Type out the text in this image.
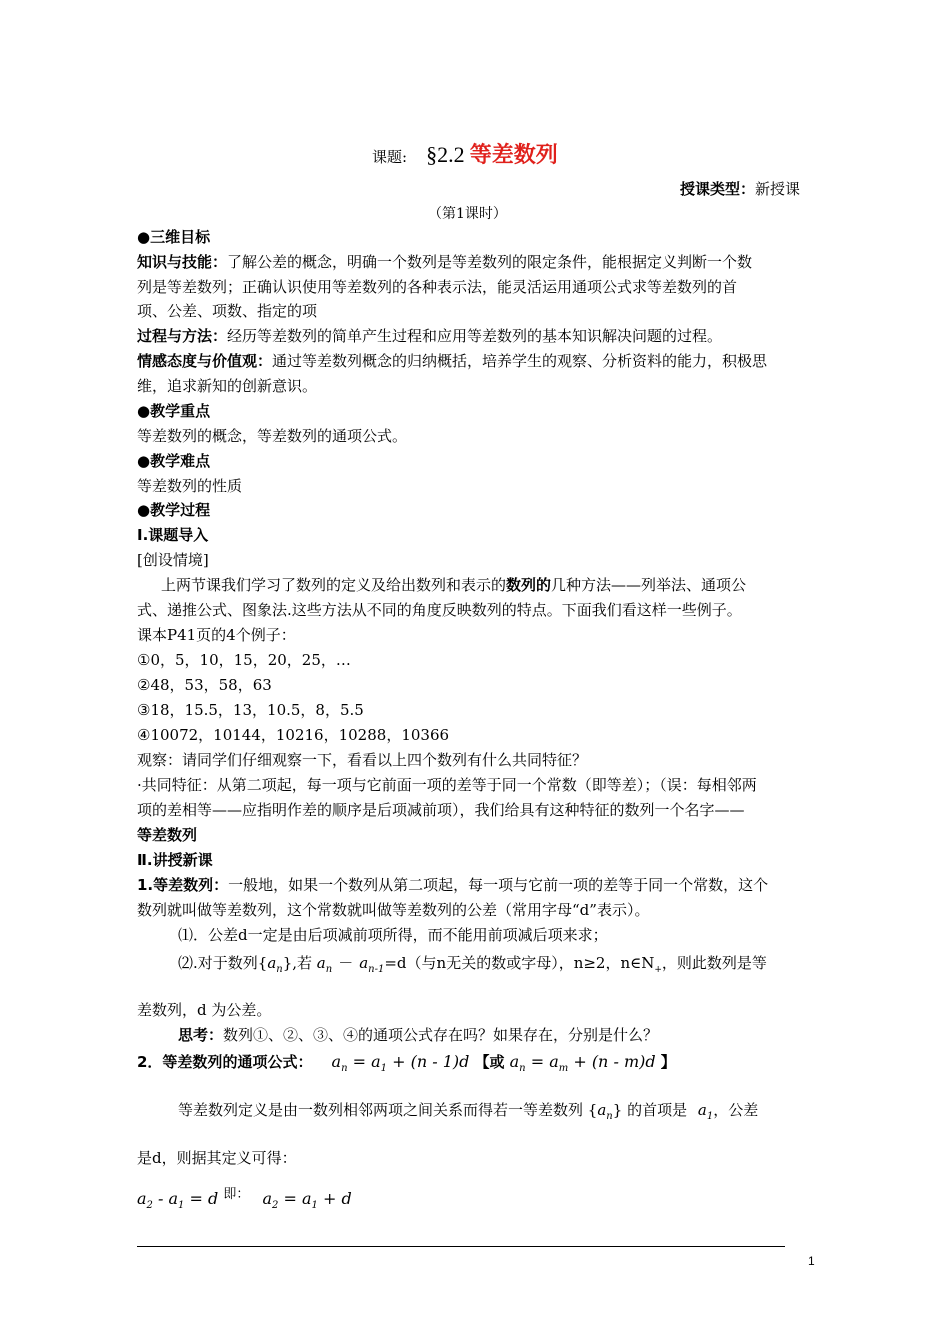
课题: §2.2 等差数列
授课类型：新授课
（第1课时）
●三维目标
知识与技能：了解公差的概念，明确一个数列是等差数列的限定条件，能根据定义判断一个数
列是等差数列；正确认识使用等差数列的各种表示法，能灵活运用通项公式求等差数列的首
项、公差、项数、指定的项
过程与方法：经历等差数列的简单产生过程和应用等差数列的基本知识解决问题的过程。
情感态度与价值观：通过等差数列概念的归纳概括，培养学生的观察、分析资料的能力，积极思
维，追求新知的创新意识。
●教学重点
等差数列的概念，等差数列的通项公式。
●教学难点
等差数列的性质
●教学过程
Ⅰ.课题导入
[创设情境]
上两节课我们学习了数列的定义及给出数列和表示的数列的几种方法——列举法、通项公
式、递推公式、图象法.这些方法从不同的角度反映数列的特点。下面我们看这样一些例子。
课本P41页的4个例子：
①0，5，10，15，20，25，…
②48，53，58，63
③18，15.5，13，10.5，8，5.5
④10072，10144，10216，10288，10366
观察：请同学们仔细观察一下，看看以上四个数列有什么共同特征？
·共同特征：从第二项起，每一项与它前面一项的差等于同一个常数（即等差）；（误：每相邻两
项的差相等——应指明作差的顺序是后项减前项），我们给具有这种特征的数列一个名字——
等差数列
Ⅱ.讲授新课
1.等差数列：一般地，如果一个数列从第二项起，每一项与它前一项的差等于同一个常数，这个
数列就叫做等差数列，这个常数就叫做等差数列的公差（常用字母“d”表示）。
⑴．公差d一定是由后项减前项所得，而不能用前项减后项来求；
⑵.对于数列$\{a_n\}$,若 $a_n - a_{n-1}=d$（与n无关的数或字母），n≥2，$n\in N_+$，则此数列是等
差数列，d 为公差。
思考：数列①、②、③、④的通项公式存在吗？如果存在，分别是什么？
2．等差数列的通项公式： $a_n = a_1 + (n - 1)d$ 【或 $a_n = a_m + (n - m)d$ 】
等差数列定义是由一数列相邻两项之间关系而得若一等差数列 $\{a_n\}$ 的首项是 $a_1$，公差
是d，则据其定义可得：
$a_2 - a_1 = d$ $^{即:}$ $a_2 = a_1 + d$
1
